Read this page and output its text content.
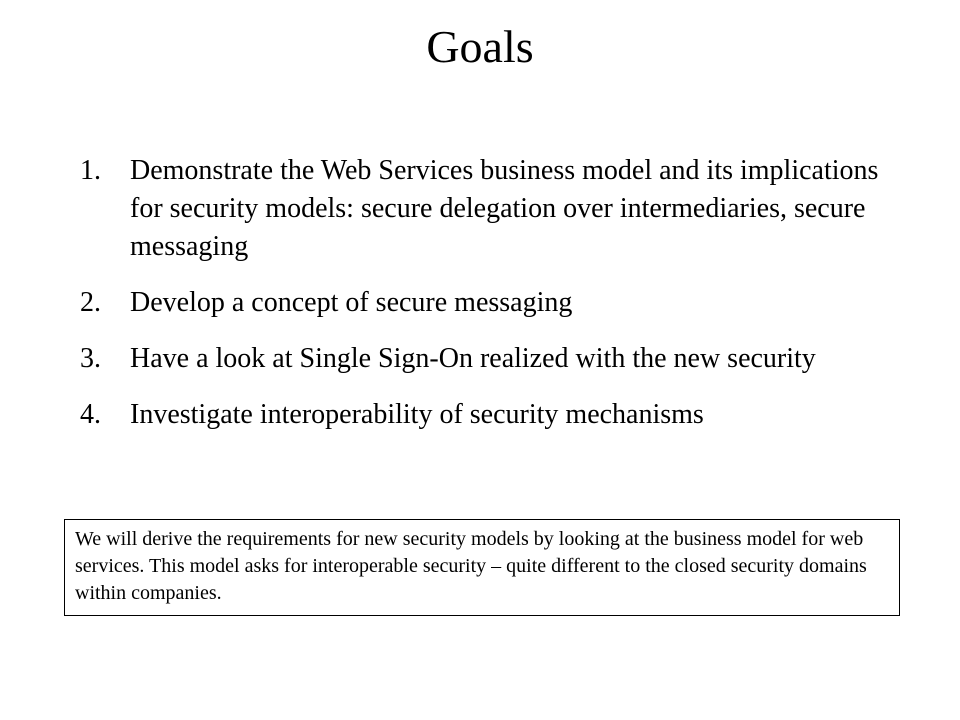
Goals
1. Demonstrate the Web Services business model and its implications for security models: secure delegation over intermediaries, secure messaging
2. Develop a concept of secure messaging
3. Have a look at Single Sign-On realized with the new security
4. Investigate interoperability of security mechanisms

We will derive the requirements for new security models by looking at the business model for web services. This model asks for interoperable security – quite different to the closed security domains within companies.
